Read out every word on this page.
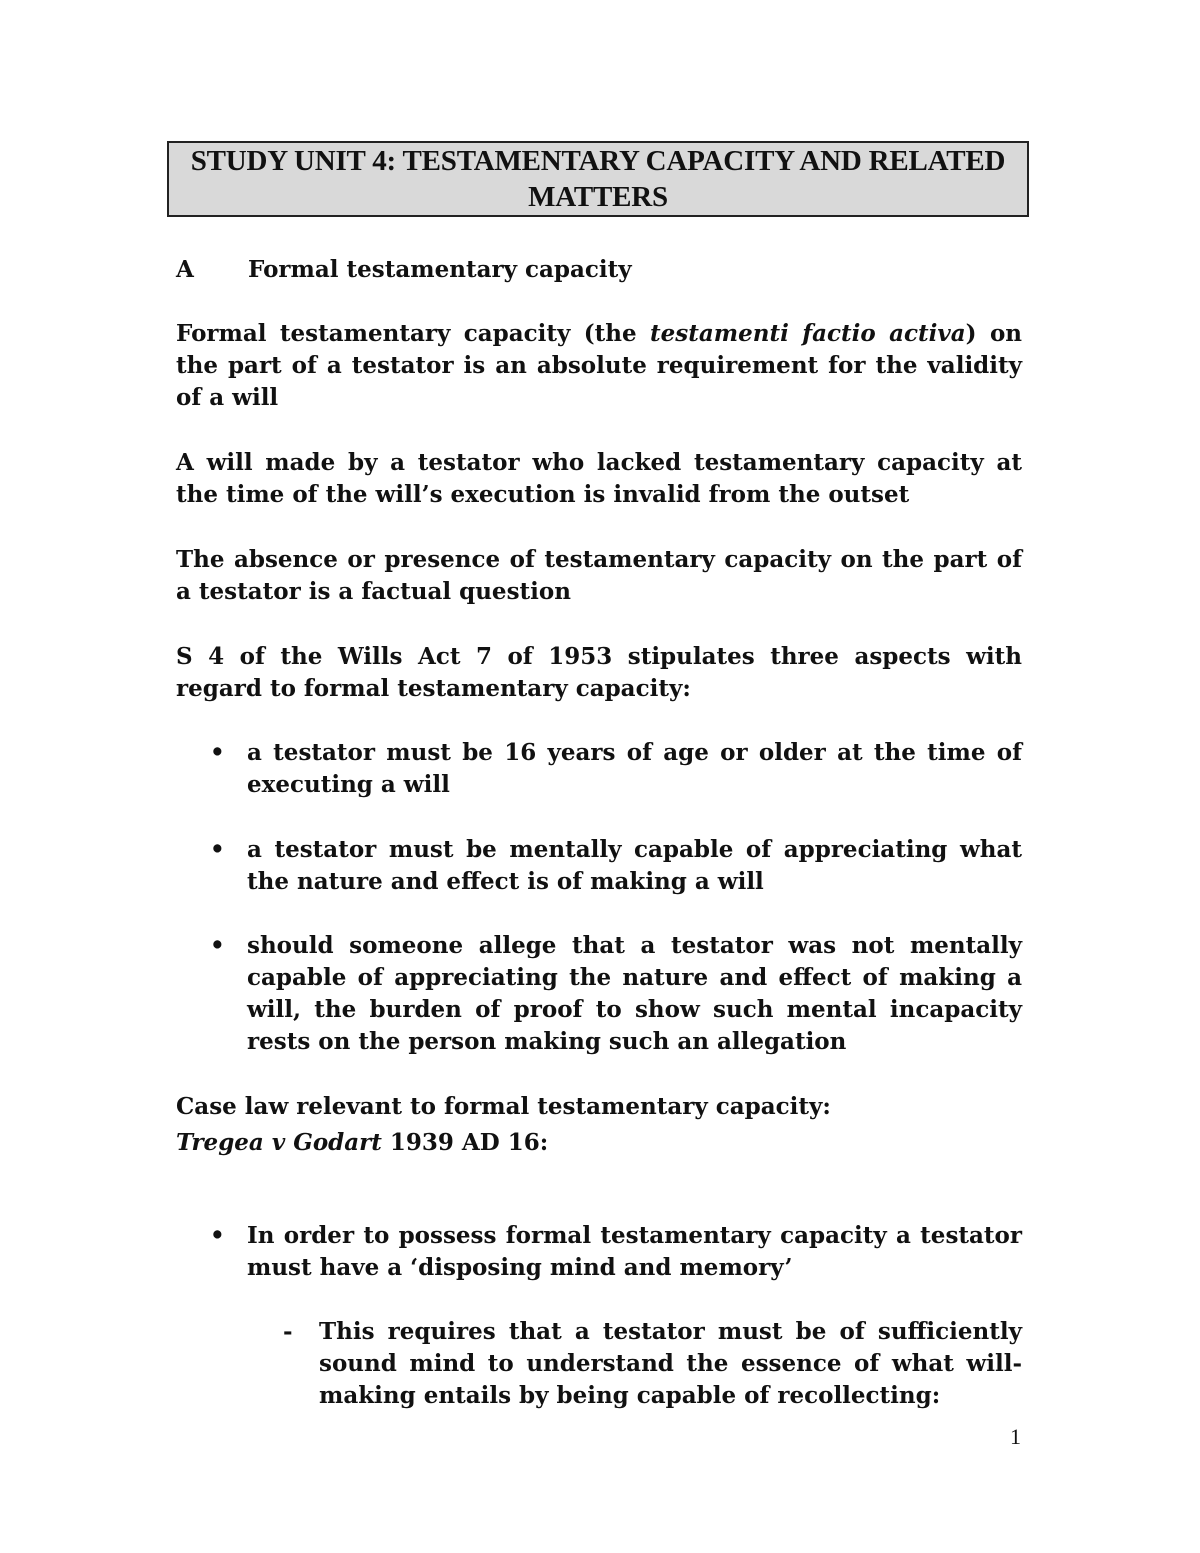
STUDY UNIT 4: TESTAMENTARY CAPACITY AND RELATED
MATTERS
A Formal testamentary capacity
Formal testamentary capacity (the testamenti factio activa) on the part of a testator is an absolute requirement for the validity of a will
A will made by a testator who lacked testamentary capacity at the time of the will’s execution is invalid from the outset
The absence or presence of testamentary capacity on the part of a testator is a factual question
S 4 of the Wills Act 7 of 1953 stipulates three aspects with regard to formal testamentary capacity:
• a testator must be 16 years of age or older at the time of executing a will
• a testator must be mentally capable of appreciating what the nature and effect is of making a will
• should someone allege that a testator was not mentally capable of appreciating the nature and effect of making a will, the burden of proof to show such mental incapacity rests on the person making such an allegation
Case law relevant to formal testamentary capacity:
Tregea v Godart 1939 AD 16:
• In order to possess formal testamentary capacity a testator must have a ‘disposing mind and memory’
- This requires that a testator must be of sufficiently sound mind to understand the essence of what will-making entails by being capable of recollecting:
1
